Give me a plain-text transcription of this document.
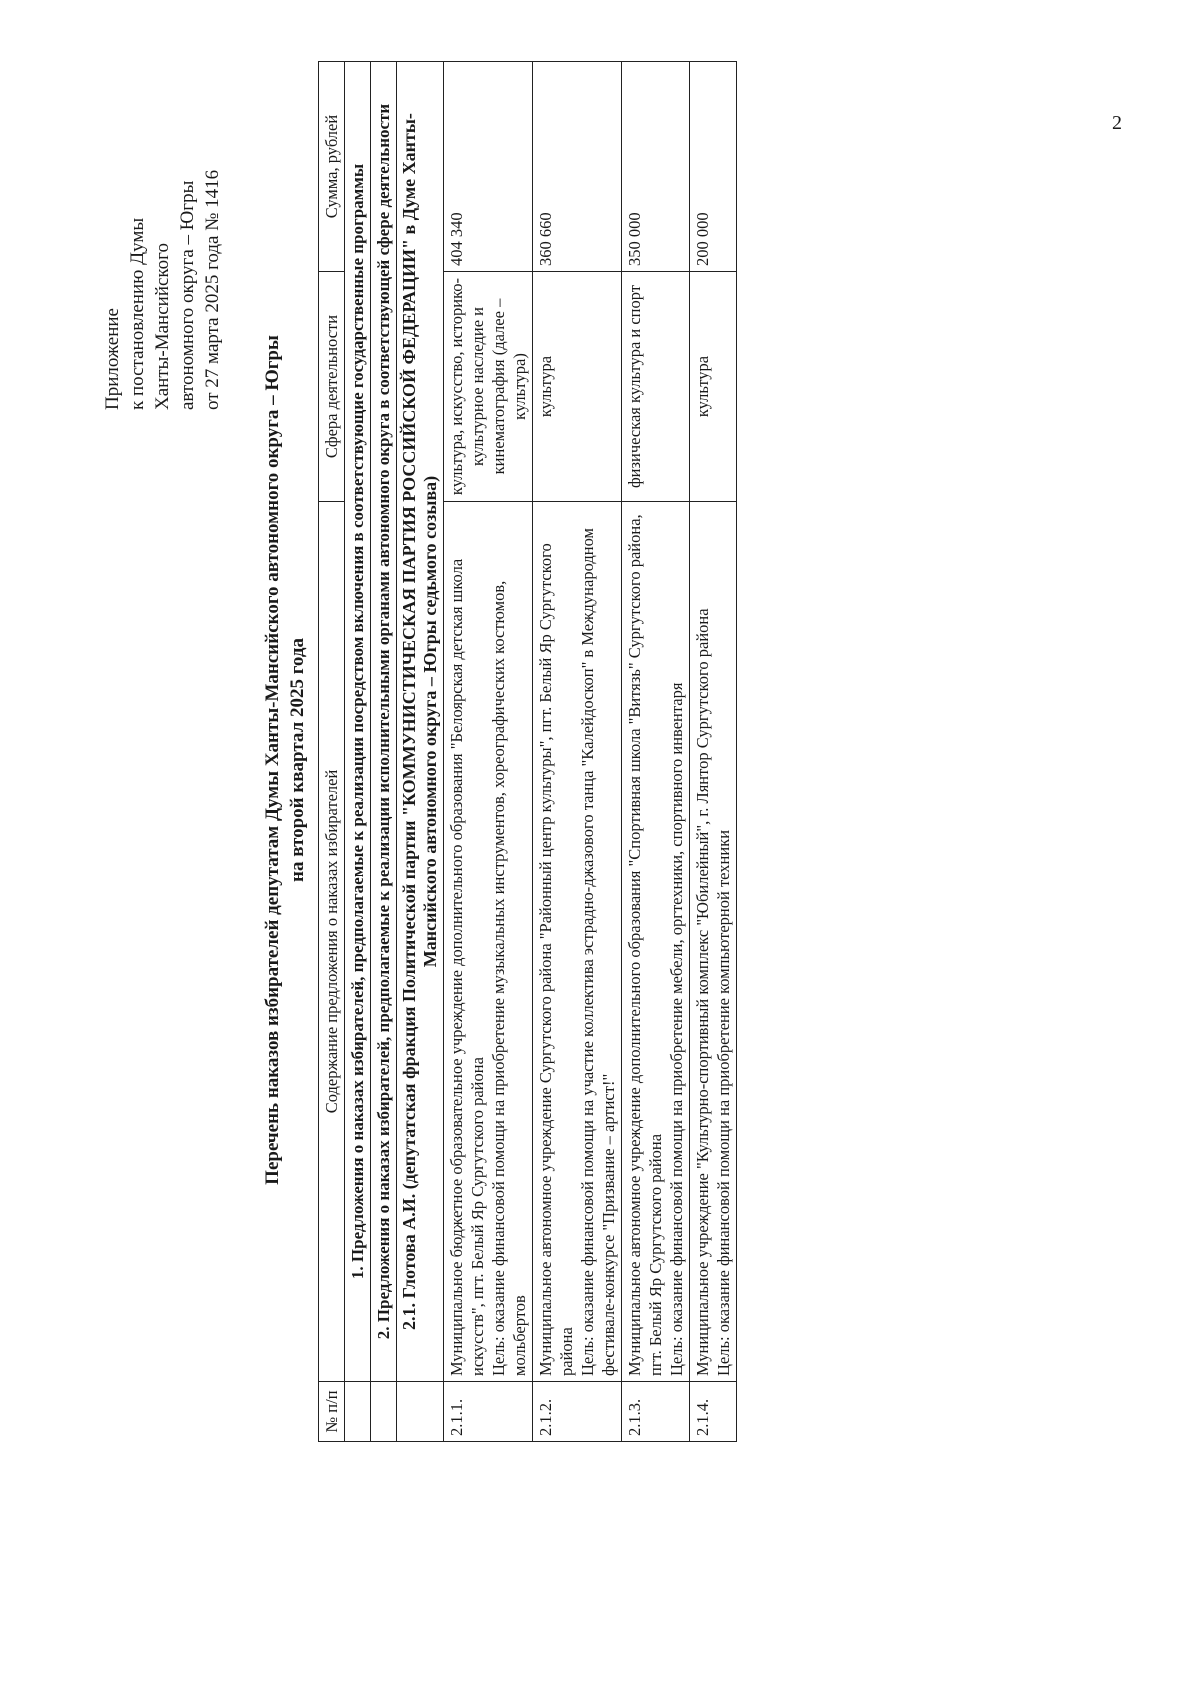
2
Приложение к постановлению Думы Ханты-Мансийского автономного округа – Югры от 27 марта 2025 года № 1416
Перечень наказов избирателей депутатам Думы Ханты-Мансийского автономного округа – Югры на второй квартал 2025 года
№ п/п	Содержание предложения о наказах избирателей	Сфера деятельности	Сумма, рублей
	1. Предложения о наказах избирателей, предполагаемые к реализации посредством включения в соответствующие государственные программы		
	2. Предложения о наказах избирателей, предполагаемые к реализации исполнительными органами автономного округа в соответствующей сфере деятельности		
	2.1. Глотова А.И. (депутатская фракция Политической партии "КОММУНИСТИЧЕСКАЯ ПАРТИЯ РОССИЙСКОЙ ФЕДЕРАЦИИ" в Думе Ханты-Мансийского автономного округа – Югры седьмого созыва)		
2.1.1.	Муниципальное бюджетное образовательное учреждение дополнительного образования "Белоярская детская школа искусств", пгт. Белый Яр Сургутского района Цель: оказание финансовой помощи на приобретение музыкальных инструментов, хореографических костюмов, мольбертов	культура, искусство, историко-культурное наследие и кинематография (далее – культура)	404 340
2.1.2.	Муниципальное автономное учреждение Сургутского района "Районный центр культуры", пгт. Белый Яр Сургутского района Цель: оказание финансовой помощи на участие коллектива эстрадно-джазового танца "Калейдоскоп" в Международном фестивале-конкурсе "Призвание – артист!"	культура	360 660
2.1.3.	Муниципальное автономное учреждение дополнительного образования "Спортивная школа "Витязь" Сургутского района, пгт. Белый Яр Сургутского района Цель: оказание финансовой помощи на приобретение мебели, оргтехники, спортивного инвентаря	физическая культура и спорт	350 000
2.1.4.	Муниципальное учреждение "Культурно-спортивный комплекс "Юбилейный", г. Лянтор Сургутского района Цель: оказание финансовой помощи на приобретение компьютерной техники	культура	200 000
